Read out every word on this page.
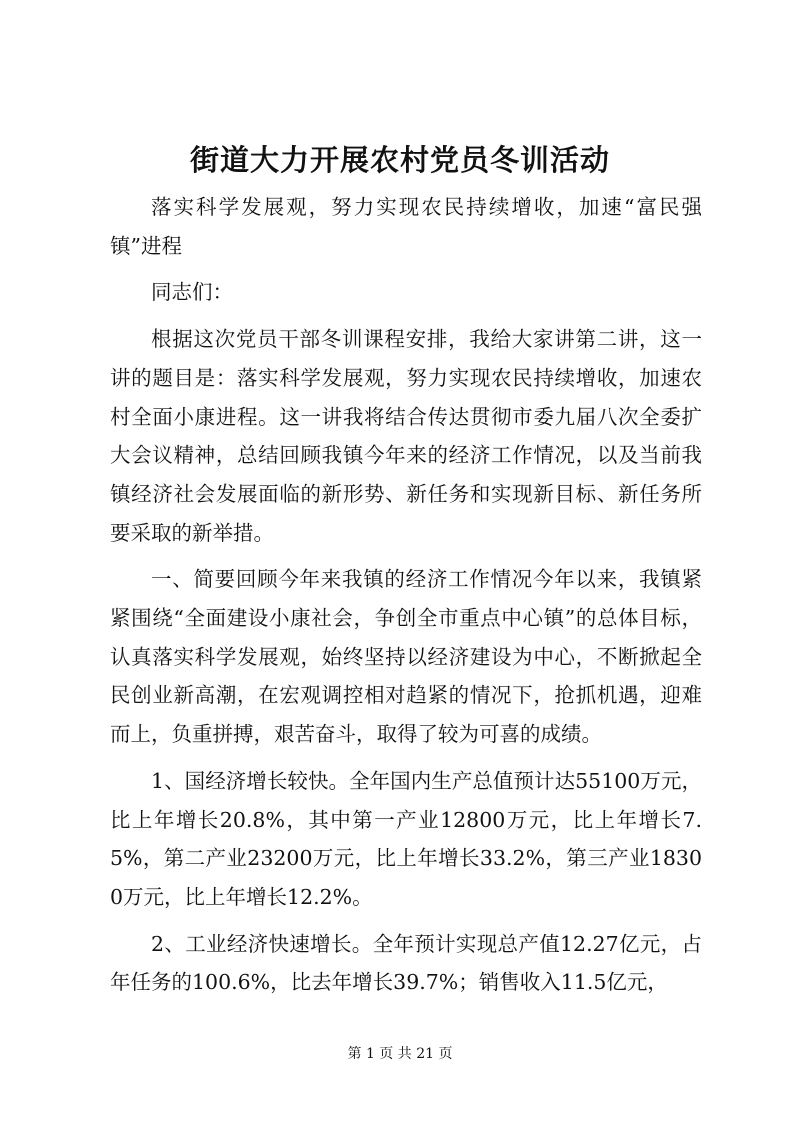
街道大力开展农村党员冬训活动

落实科学发展观，努力实现农民持续增收，加速“富民强镇”进程

同志们：

根据这次党员干部冬训课程安排，我给大家讲第二讲，这一讲的题目是：落实科学发展观，努力实现农民持续增收，加速农村全面小康进程。这一讲我将结合传达贯彻市委九届八次全委扩大会议精神，总结回顾我镇今年来的经济工作情况，以及当前我镇经济社会发展面临的新形势、新任务和实现新目标、新任务所要采取的新举措。

一、简要回顾今年来我镇的经济工作情况今年以来，我镇紧紧围绕“全面建设小康社会，争创全市重点中心镇”的总体目标，认真落实科学发展观，始终坚持以经济建设为中心，不断掀起全民创业新高潮，在宏观调控相对趋紧的情况下，抢抓机遇，迎难而上，负重拼搏，艰苦奋斗，取得了较为可喜的成绩。

1、国经济增长较快。全年国内生产总值预计达55100万元，比上年增长20.8%，其中第一产业12800万元，比上年增长7.5%，第二产业23200万元，比上年增长33.2%，第三产业18300万元，比上年增长12.2%。

2、工业经济快速增长。全年预计实现总产值12.27亿元，占年任务的100.6%，比去年增长39.7%；销售收入11.5亿元，

第 1 页 共 21 页
